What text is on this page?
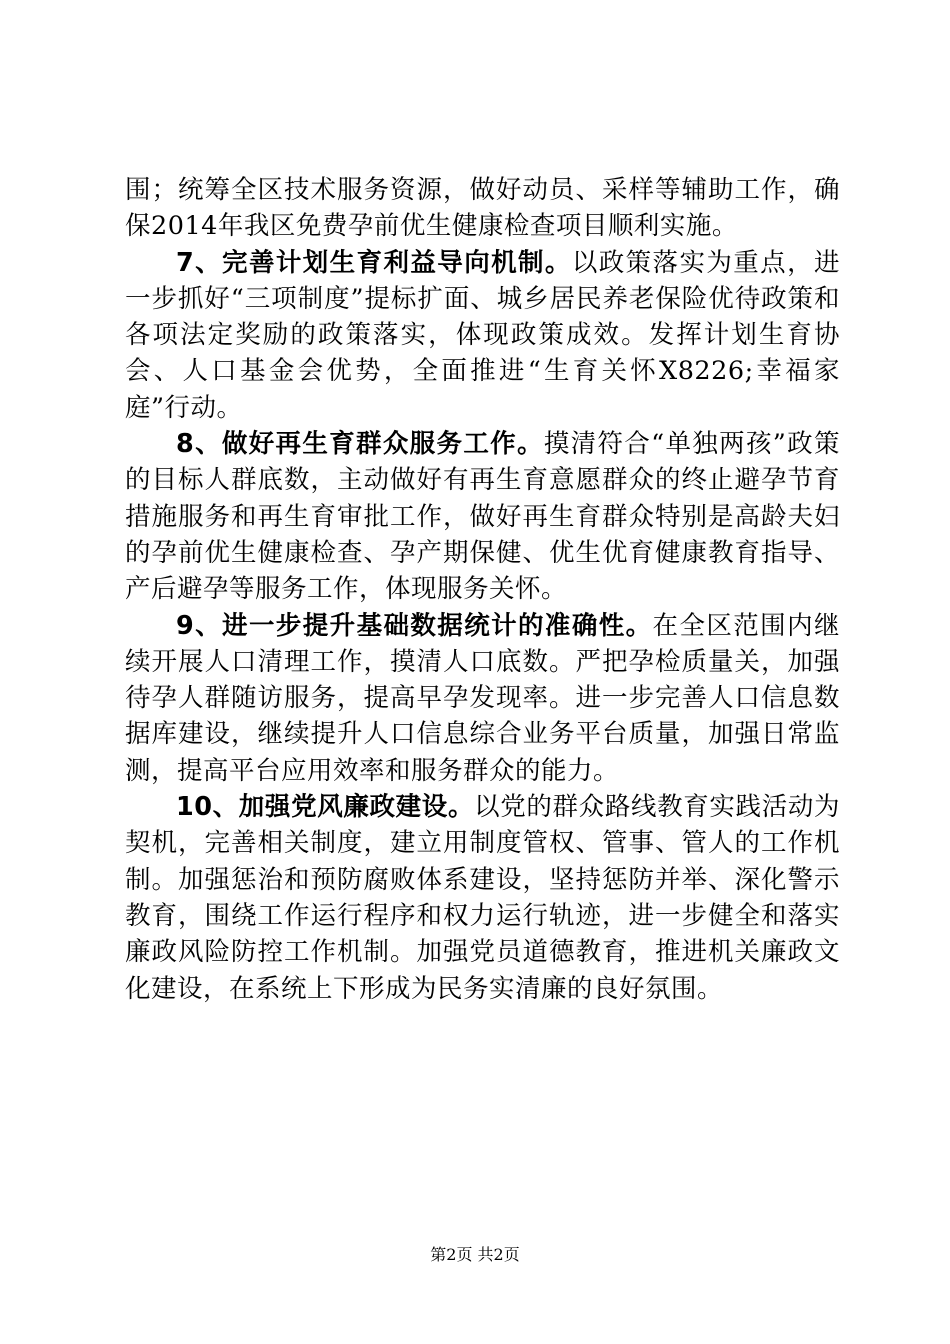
围；统筹全区技术服务资源，做好动员、采样等辅助工作，确保2014年我区免费孕前优生健康检查项目顺利实施。

7、完善计划生育利益导向机制。以政策落实为重点，进一步抓好“三项制度”提标扩面、城乡居民养老保险优待政策和各项法定奖励的政策落实，体现政策成效。发挥计划生育协会、人口基金会优势，全面推进“生育关怀X8226;幸福家庭”行动。

8、做好再生育群众服务工作。摸清符合“单独两孩”政策的目标人群底数，主动做好有再生育意愿群众的终止避孕节育措施服务和再生育审批工作，做好再生育群众特别是高龄夫妇的孕前优生健康检查、孕产期保健、优生优育健康教育指导、产后避孕等服务工作，体现服务关怀。

9、进一步提升基础数据统计的准确性。在全区范围内继续开展人口清理工作，摸清人口底数。严把孕检质量关，加强待孕人群随访服务，提高早孕发现率。进一步完善人口信息数据库建设，继续提升人口信息综合业务平台质量，加强日常监测，提高平台应用效率和服务群众的能力。

10、加强党风廉政建设。以党的群众路线教育实践活动为契机，完善相关制度，建立用制度管权、管事、管人的工作机制。加强惩治和预防腐败体系建设，坚持惩防并举、深化警示教育，围绕工作运行程序和权力运行轨迹，进一步健全和落实廉政风险防控工作机制。加强党员道德教育，推进机关廉政文化建设，在系统上下形成为民务实清廉的良好氛围。

第2页 共2页
